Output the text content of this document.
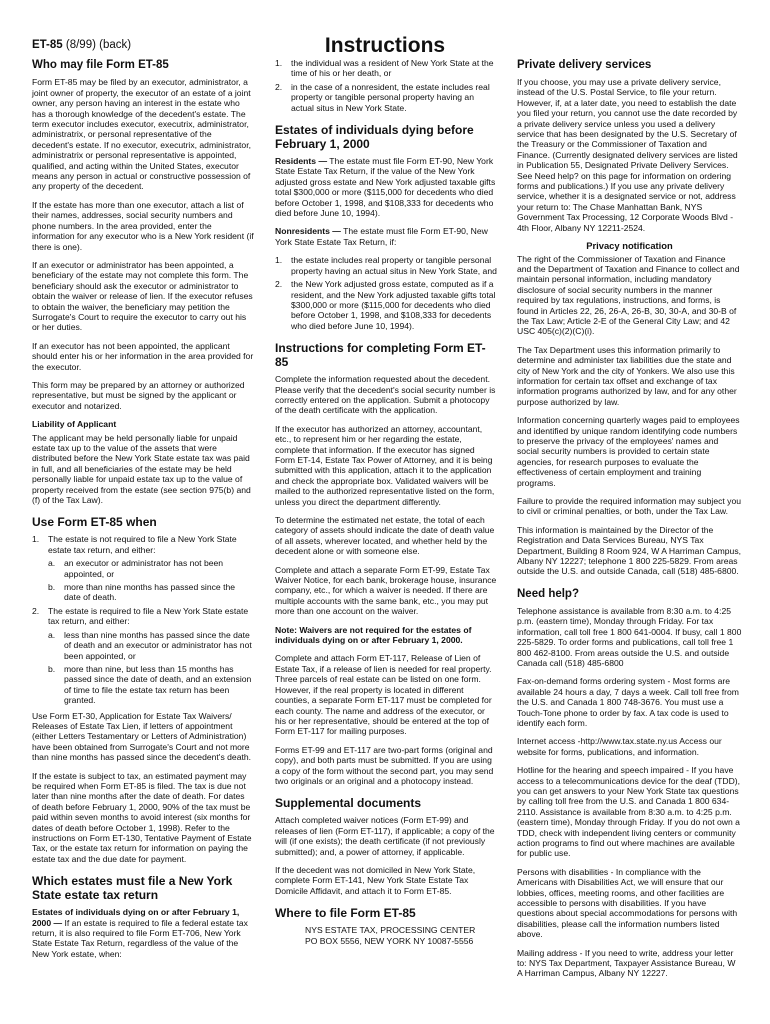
Instructions
ET-85 (8/99) (back)
Who may file Form ET-85

Form ET-85 may be filed by an executor, administrator, a joint owner of property, the executor of an estate of a joint owner, any person having an interest in the estate who has a thorough knowledge of the decedent's estate. The term executor includes executor, executrix, administrator, administratrix, or personal representative of the decedent's estate. If no executor, executrix, administrator, administratrix or personal representative is appointed, qualified, and acting within the United States, executor means any person in actual or constructive possession of any property of the decedent.

If the estate has more than one executor, attach a list of their names, addresses, social security numbers and phone numbers. In the area provided, enter the information for any executor who is a New York resident (if there is one).

If an executor or administrator has been appointed, a beneficiary of the estate may not complete this form. The beneficiary should ask the executor or administrator to obtain the waiver or release of lien. If the executor refuses to obtain the waiver, the beneficiary may petition the Surrogate's Court to require the executor to carry out his or her duties.

If an executor has not been appointed, the applicant should enter his or her information in the area provided for the executor.

This form may be prepared by an attorney or authorized representative, but must be signed by the applicant or executor and notarized.

Liability of Applicant

The applicant may be held personally liable for unpaid estate tax up to the value of the assets that were distributed before the New York State estate tax was paid in full, and all beneficiaries of the estate may be held personally liable for unpaid estate tax up to the value of property received from the estate (see section 975(b) and (f) of the Tax Law).

Use Form ET-85 when
1.	The estate is not required to file a New York State estate tax return, and either:
a.	an executor or administrator has not been appointed, or
b.	more than nine months has passed since the date of death.
2.	The estate is required to file a New York State estate tax return, and either:
a.	less than nine months has passed since the date of death and an executor or administrator has not been appointed, or
b.	more than nine, but less than 15 months has passed since the date of death, and an extension of time to file the estate tax return has been granted.

Use Form ET-30, Application for Estate Tax Waivers/ Releases of Estate Tax Lien, if letters of appointment (either Letters Testamentary or Letters of Administration) have been obtained from Surrogate's Court and not more than nine months has passed since the decedent's death.

If the estate is subject to tax, an estimated payment may be required when Form ET-85 is filed. The tax is due not later than nine months after the date of death. For dates of death before February 1, 2000, 90% of the tax must be paid within seven months to avoid interest (six months for dates of death before October 1, 1998). Refer to the instructions on Form ET-130, Tentative Payment of Estate Tax, or the estate tax return for information on paying the estate tax and the due date for payment.

Which estates must file a New York State estate tax return

Estates of individuals dying on or after February 1, 2000 — If an estate is required to file a federal estate tax return, it is also required to file Form ET-706, New York State Estate Tax Return, regardless of the value of the New York estate, when:

1.	the individual was a resident of New York State at the time of his or her death, or
2.	in the case of a nonresident, the estate includes real property or tangible personal property having an actual situs in New York State.
Estates of individuals dying before February 1, 2000

Residents — The estate must file Form ET-90, New York State Estate Tax Return, if the value of the New York adjusted gross estate and New York adjusted taxable gifts total $300,000 or more ($115,000 for decedents who died before October 1, 1998, and $108,333 for decedents who died before June 10, 1994).

Nonresidents — The estate must file Form ET-90, New York State Estate Tax Return, if:

1.	the estate includes real property or tangible personal property having an actual situs in New York State, and
2.	the New York adjusted gross estate, computed as if a resident, and the New York adjusted taxable gifts total $300,000 or more ($115,000 for decedents who died before October 1, 1998, and $108,333 for decedents who died before June 10, 1994).
Instructions for completing Form ET-85

Complete the information requested about the decedent. Please verify that the decedent's social security number is correctly entered on the application. Submit a photocopy of the death certificate with the application.

If the executor has authorized an attorney, accountant, etc., to represent him or her regarding the estate, complete that information. If the executor has signed Form ET-14, Estate Tax Power of Attorney, and it is being submitted with this application, attach it to the application and check the appropriate box. Validated waivers will be mailed to the authorized representative listed on the form, unless you direct the department differently.

To determine the estimated net estate, the total of each category of assets should indicate the date of death value of all assets, wherever located, and whether held by the decedent alone or with someone else.

Complete and attach a separate Form ET-99, Estate Tax Waiver Notice, for each bank, brokerage house, insurance company, etc., for which a waiver is needed. If there are multiple accounts with the same bank, etc., you may put more than one account on the waiver.

Note: Waivers are not required for the estates of individuals dying on or after February 1, 2000.

Complete and attach Form ET-117, Release of Lien of Estate Tax, if a release of lien is needed for real property. Three parcels of real estate can be listed on one form. However, if the real property is located in different counties, a separate Form ET-117 must be completed for each county. The name and address of the executor, or his or her representative, should be entered at the top of Form ET-117 for mailing purposes.

Forms ET-99 and ET-117 are two-part forms (original and copy), and both parts must be submitted. If you are using a copy of the form without the second part, you may send two originals or an original and a photocopy instead.

Supplemental documents

Attach completed waiver notices (Form ET-99) and releases of lien (Form ET-117), if applicable; a copy of the will (if one exists); the death certificate (if not previously submitted); and, a power of attorney, if applicable.

If the decedent was not domiciled in New York State, complete Form ET-141, New York State Estate Tax Domicile Affidavit, and attach it to Form ET-85.

Where to file Form ET-85
NYS ESTATE TAX, PROCESSING CENTER
PO BOX 5556, NEW YORK NY 10087-5556
Private delivery services

If you choose, you may use a private delivery service, instead of the U.S. Postal Service, to file your return. However, if, at a later date, you need to establish the date you filed your return, you cannot use the date recorded by a private delivery service unless you used a delivery service that has been designated by the U.S. Secretary of the Treasury or the Commissioner of Taxation and Finance. (Currently designated delivery services are listed in Publication 55, Designated Private Delivery Services. See Need help? on this page for information on ordering forms and publications.) If you use any private delivery service, whether it is a designated service or not, address your return to: The Chase Manhattan Bank, NYS Government Tax Processing, 12 Corporate Woods Blvd - 4th Floor, Albany NY 12211-2524.

Privacy notification

The right of the Commissioner of Taxation and Finance and the Department of Taxation and Finance to collect and maintain personal information, including mandatory disclosure of social security numbers in the manner required by tax regulations, instructions, and forms, is found in Articles 22, 26, 26-A, 26-B, 30, 30-A, and 30-B of the Tax Law; Article 2-E of the General City Law; and 42 USC 405(c)(2)(C)(i).

The Tax Department uses this information primarily to determine and administer tax liabilities due the state and city of New York and the city of Yonkers. We also use this information for certain tax offset and exchange of tax information programs authorized by law, and for any other purpose authorized by law.

Information concerning quarterly wages paid to employees and identified by unique random identifying code numbers to preserve the privacy of the employees' names and social security numbers is provided to certain state agencies, for research purposes to evaluate the effectiveness of certain employment and training programs.

Failure to provide the required information may subject you to civil or criminal penalties, or both, under the Tax Law.

This information is maintained by the Director of the Registration and Data Services Bureau, NYS Tax Department, Building 8 Room 924, W A Harriman Campus, Albany NY 12227; telephone 1 800 225-5829. From areas outside the U.S. and outside Canada, call (518) 485-6800.

Need help?

Telephone assistance is available from 8:30 a.m. to 4:25 p.m. (eastern time), Monday through Friday. For tax information, call toll free 1 800 641-0004. If busy, call 1 800 225-5829. To order forms and publications, call toll free 1 800 462-8100. From areas outside the U.S. and outside Canada call (518) 485-6800

Fax-on-demand forms ordering system - Most forms are available 24 hours a day, 7 days a week. Call toll free from the U.S. and Canada 1 800 748-3676. You must use a Touch-Tone phone to order by fax. A tax code is used to identify each form.

Internet access -http://www.tax.state.ny.us Access our website for forms, publications, and information.

Hotline for the hearing and speech impaired - If you have access to a telecommunications device for the deaf (TDD), you can get answers to your New York State tax questions by calling toll free from the U.S. and Canada 1 800 634-2110. Assistance is available from 8:30 a.m. to 4:25 p.m. (eastern time), Monday through Friday. If you do not own a TDD, check with independent living centers or community action programs to find out where machines are available for public use.

Persons with disabilities - In compliance with the Americans with Disabilities Act, we will ensure that our lobbies, offices, meeting rooms, and other facilities are accessible to persons with disabilities. If you have questions about special accommodations for persons with disabilities, please call the information numbers listed above.

Mailing address - If you need to write, address your letter to: NYS Tax Department, Taxpayer Assistance Bureau, W A Harriman Campus, Albany NY 12227.
